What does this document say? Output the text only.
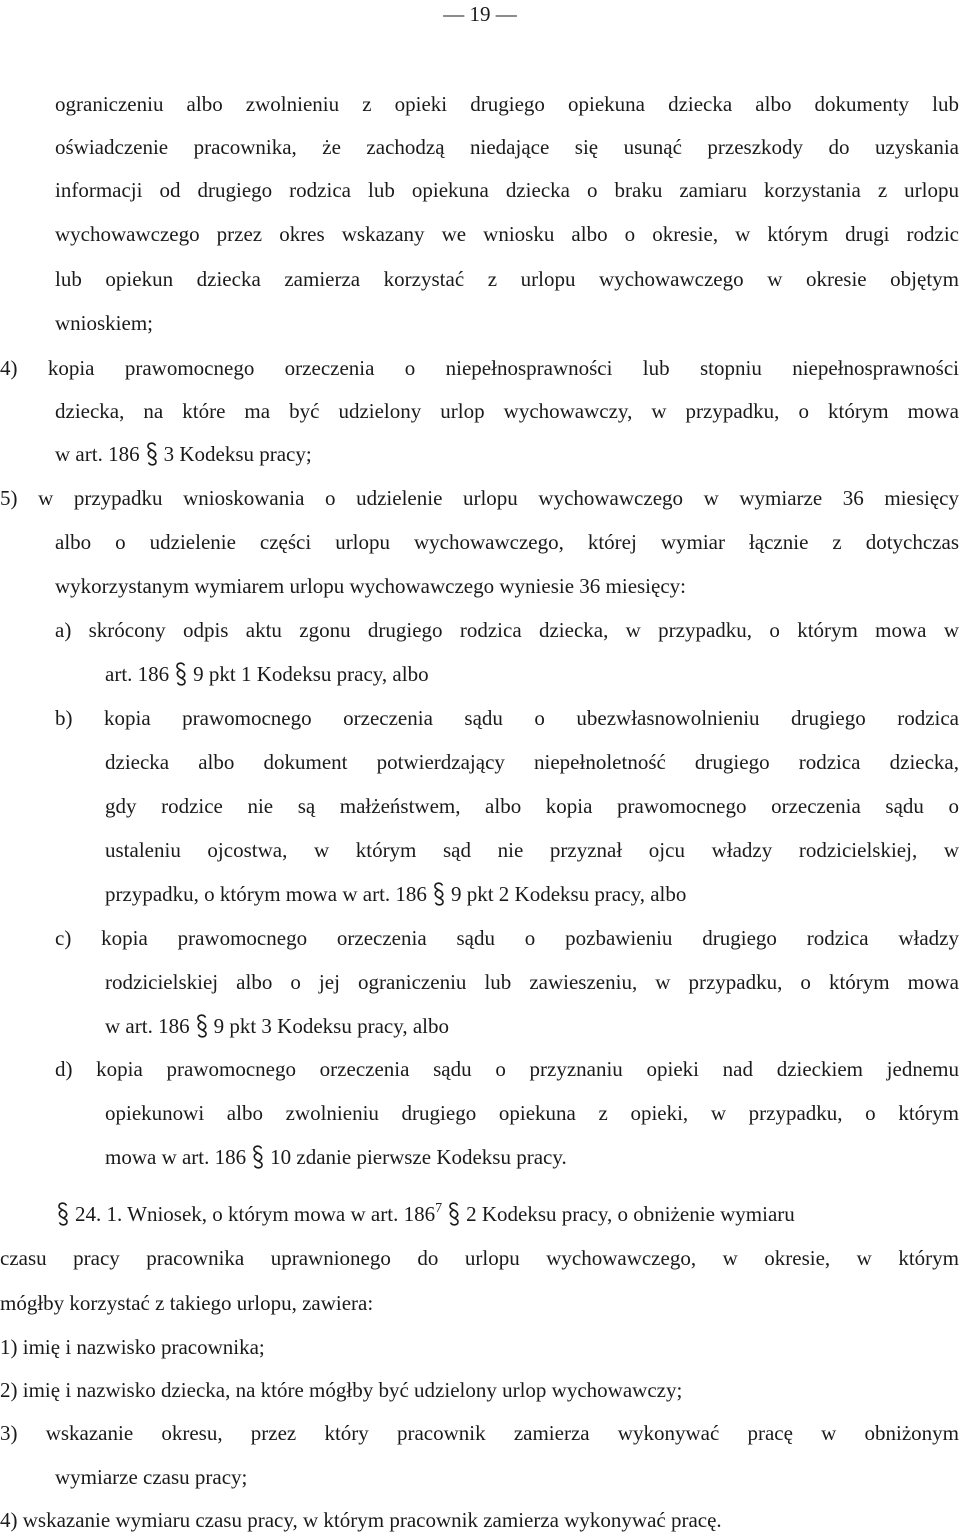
— 19 —
ograniczeniu albo zwolnieniu z opieki drugiego opiekuna dziecka albo dokumenty lub
oświadczenie pracownika, że zachodzą niedające się usunąć przeszkody do uzyskania
informacji od drugiego rodzica lub opiekuna dziecka o braku zamiaru korzystania z urlopu
wychowawczego przez okres wskazany we wniosku albo o okresie, w którym drugi rodzic
lub opiekun dziecka zamierza korzystać z urlopu wychowawczego w okresie objętym
wnioskiem;
4) kopia prawomocnego orzeczenia o niepełnosprawności lub stopniu niepełnosprawności
dziecka, na które ma być udzielony urlop wychowawczy, w przypadku, o którym mowa
w art. 186 3 Kodeksu pracy;
5) w przypadku wnioskowania o udzielenie urlopu wychowawczego w wymiarze 36 miesięcy
albo o udzielenie części urlopu wychowawczego, której wymiar łącznie z dotychczas
wykorzystanym wymiarem urlopu wychowawczego wyniesie 36 miesięcy:
a) skrócony odpis aktu zgonu drugiego rodzica dziecka, w przypadku, o którym mowa w
art. 186 9 pkt 1 Kodeksu pracy, albo
b) kopia prawomocnego orzeczenia sądu o ubezwłasnowolnieniu drugiego rodzica
dziecka albo dokument potwierdzający niepełnoletność drugiego rodzica dziecka,
gdy rodzice nie są małżeństwem, albo kopia prawomocnego orzeczenia sądu o
ustaleniu ojcostwa, w którym sąd nie przyznał ojcu władzy rodzicielskiej, w
przypadku, o którym mowa w art. 186 9 pkt 2 Kodeksu pracy, albo
c) kopia prawomocnego orzeczenia sądu o pozbawieniu drugiego rodzica władzy
rodzicielskiej albo o jej ograniczeniu lub zawieszeniu, w przypadku, o którym mowa
w art. 186 9 pkt 3 Kodeksu pracy, albo
d) kopia prawomocnego orzeczenia sądu o przyznaniu opieki nad dzieckiem jednemu
opiekunowi albo zwolnieniu drugiego opiekuna z opieki, w przypadku, o którym
mowa w art. 186 10 zdanie pierwsze Kodeksu pracy.
24. 1. Wniosek, o którym mowa w art. $186^7$ 2 Kodeksu pracy, o obniżenie wymiaru
czasu pracy pracownika uprawnionego do urlopu wychowawczego, w okresie, w którym
mógłby korzystać z takiego urlopu, zawiera:
1) imię i nazwisko pracownika;
2) imię i nazwisko dziecka, na które mógłby być udzielony urlop wychowawczy;
3) wskazanie okresu, przez który pracownik zamierza wykonywać pracę w obniżonym
wymiarze czasu pracy;
4) wskazanie wymiaru czasu pracy, w którym pracownik zamierza wykonywać pracę.
